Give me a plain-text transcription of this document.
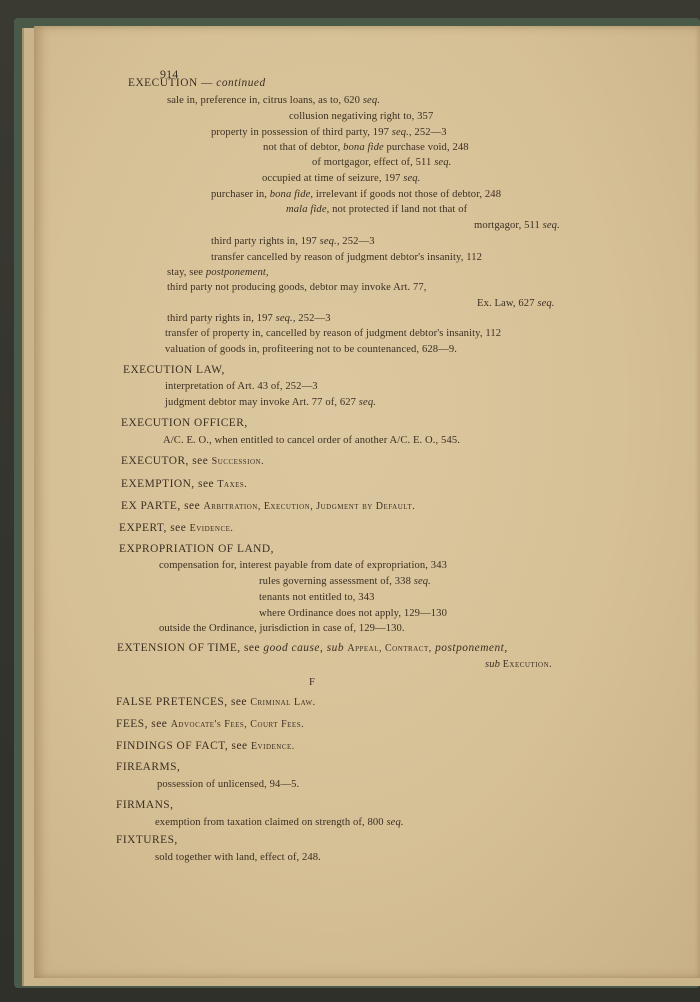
914
EXECUTION — continued
sale in, preference in, citrus loans, as to, 620 seq.
collusion negativing right to, 357
property in possession of third party, 197 seq., 252—3
not that of debtor, bona fide purchase void, 248
of mortgagor, effect of, 511 seq.
occupied at time of seizure, 197 seq.
purchaser in, bona fide, irrelevant if goods not those of debtor, 248
mala fide, not protected if land not that of
mortgagor, 511 seq.
third party rights in, 197 seq., 252—3
transfer cancelled by reason of judgment debtor's insanity, 112
stay, see postponement,
third party not producing goods, debtor may invoke Art. 77,
Ex. Law, 627 seq.
third party rights in, 197 seq., 252—3
transfer of property in, cancelled by reason of judgment debtor's insanity, 112
valuation of goods in, profiteering not to be countenanced, 628—9.
EXECUTION LAW,
interpretation of Art. 43 of, 252—3
judgment debtor may invoke Art. 77 of, 627 seq.
EXECUTION OFFICER,
A/C. E. O., when entitled to cancel order of another A/C. E. O., 545.
EXECUTOR, see Succession.
EXEMPTION, see Taxes.
EX PARTE, see Arbitration, Execution, Judgment by Default.
EXPERT, see Evidence.
EXPROPRIATION OF LAND,
compensation for, interest payable from date of expropriation, 343
rules governing assessment of, 338 seq.
tenants not entitled to, 343
where Ordinance does not apply, 129—130
outside the Ordinance, jurisdiction in case of, 129—130.
EXTENSION OF TIME, see good cause, sub Appeal, Contract, postponement,
sub Execution.
F
FALSE PRETENCES, see Criminal Law.
FEES, see Advocate's Fees, Court Fees.
FINDINGS OF FACT, see Evidence.
FIREARMS,
possession of unlicensed, 94—5.
FIRMANS,
exemption from taxation claimed on strength of, 800 seq.
FIXTURES,
sold together with land, effect of, 248.
